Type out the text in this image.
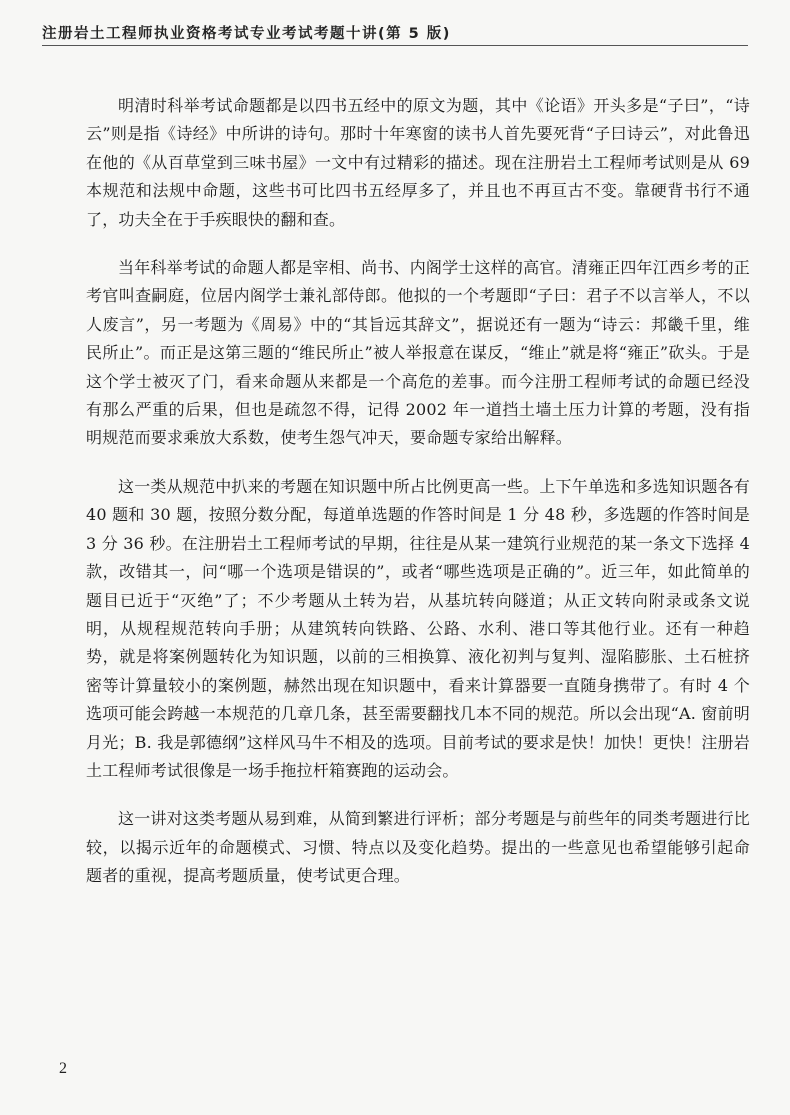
注册岩土工程师执业资格考试专业考试考题十讲(第 5 版)

明清时科举考试命题都是以四书五经中的原文为题，其中《论语》开头多是“子曰”，“诗云”则是指《诗经》中所讲的诗句。那时十年寒窗的读书人首先要死背“子曰诗云”，对此鲁迅在他的《从百草堂到三味书屋》一文中有过精彩的描述。现在注册岩土工程师考试则是从 69 本规范和法规中命题，这些书可比四书五经厚多了，并且也不再亘古不变。靠硬背书行不通了，功夫全在于手疾眼快的翻和查。

当年科举考试的命题人都是宰相、尚书、内阁学士这样的高官。清雍正四年江西乡考的正考官叫查嗣庭，位居内阁学士兼礼部侍郎。他拟的一个考题即“子曰：君子不以言举人，不以人废言”，另一考题为《周易》中的“其旨远其辞文”，据说还有一题为“诗云：邦畿千里，维民所止”。而正是这第三题的“维民所止”被人举报意在谋反，“维止”就是将“雍正”砍头。于是这个学士被灭了门，看来命题从来都是一个高危的差事。而今注册工程师考试的命题已经没有那么严重的后果，但也是疏忽不得，记得 2002 年一道挡土墙土压力计算的考题，没有指明规范而要求乘放大系数，使考生怨气冲天，要命题专家给出解释。

这一类从规范中扒来的考题在知识题中所占比例更高一些。上下午单选和多选知识题各有 40 题和 30 题，按照分数分配，每道单选题的作答时间是 1 分 48 秒，多选题的作答时间是 3 分 36 秒。在注册岩土工程师考试的早期，往往是从某一建筑行业规范的某一条文下选择 4 款，改错其一，问“哪一个选项是错误的”，或者“哪些选项是正确的”。近三年，如此简单的题目已近于“灭绝”了；不少考题从土转为岩，从基坑转向隧道；从正文转向附录或条文说明，从规程规范转向手册；从建筑转向铁路、公路、水利、港口等其他行业。还有一种趋势，就是将案例题转化为知识题，以前的三相换算、液化初判与复判、湿陷膨胀、土石桩挤密等计算量较小的案例题，赫然出现在知识题中，看来计算器要一直随身携带了。有时 4 个选项可能会跨越一本规范的几章几条，甚至需要翻找几本不同的规范。所以会出现“A. 窗前明月光；B. 我是郭德纲”这样风马牛不相及的选项。目前考试的要求是快！加快！更快！注册岩土工程师考试很像是一场手拖拉杆箱赛跑的运动会。

这一讲对这类考题从易到难，从简到繁进行评析；部分考题是与前些年的同类考题进行比较，以揭示近年的命题模式、习惯、特点以及变化趋势。提出的一些意见也希望能够引起命题者的重视，提高考题质量，使考试更合理。

2
